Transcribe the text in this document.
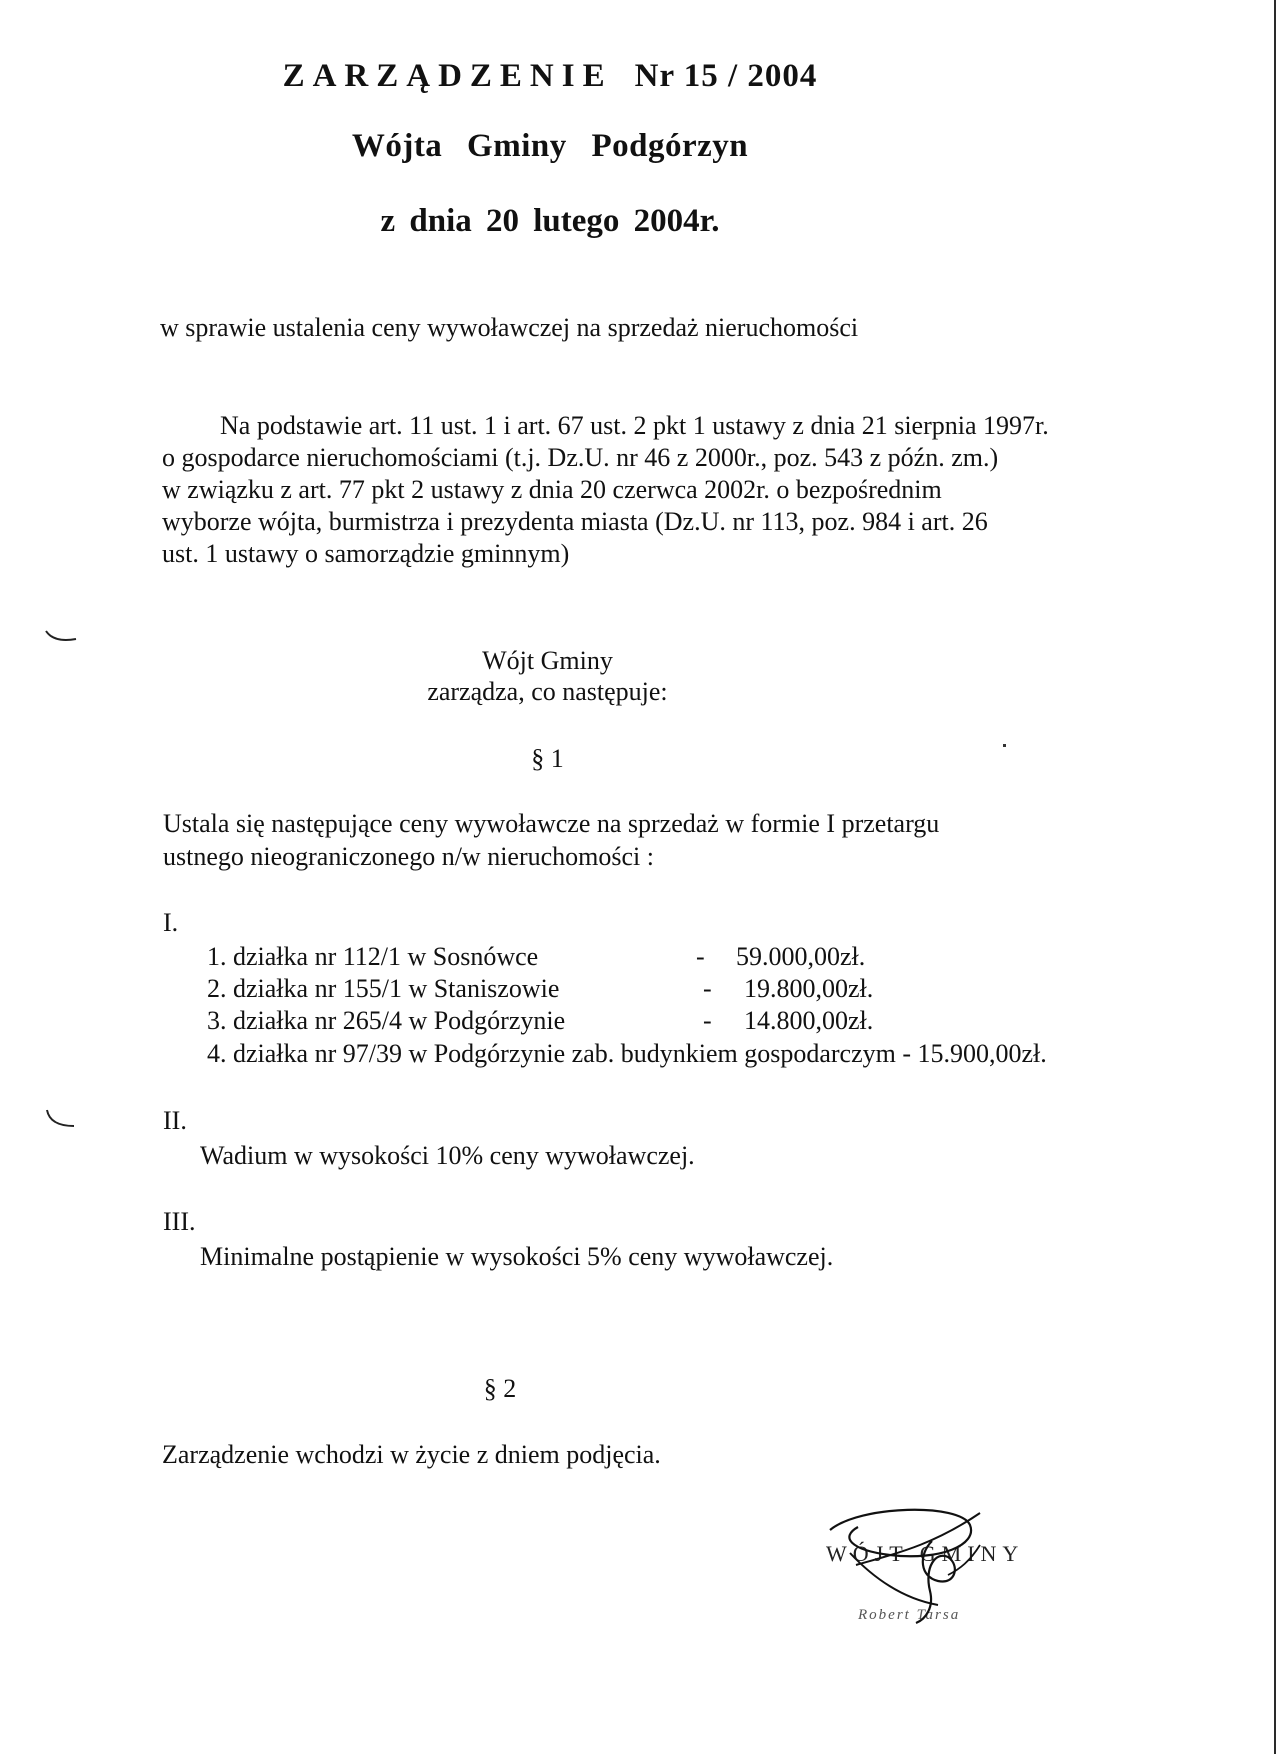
ZARZĄDZENIE Nr 15 / 2004
Wójta Gminy Podgórzyn
z dnia 20 lutego 2004r.
w sprawie ustalenia ceny wywoławczej na sprzedaż nieruchomości
Na podstawie art. 11 ust. 1 i art. 67 ust. 2 pkt 1 ustawy z dnia 21 sierpnia 1997r.
o gospodarce nieruchomościami (t.j. Dz.U. nr 46 z 2000r., poz. 543 z późn. zm.)
w związku z art. 77 pkt 2 ustawy z dnia 20 czerwca 2002r. o bezpośrednim
wyborze wójta, burmistrza i prezydenta miasta (Dz.U. nr 113, poz. 984 i art. 26
ust. 1 ustawy o samorządzie gminnym)
Wójt Gminy
zarządza, co następuje:
§ 1
Ustala się następujące ceny wywoławcze na sprzedaż w formie I przetargu
ustnego nieograniczonego n/w nieruchomości :
I.
1. działka nr 112/1 w Sosnówce	- 59.000,00zł.
2. działka nr 155/1 w Staniszowie	- 19.800,00zł.
3. działka nr 265/4 w Podgórzynie	- 14.800,00zł.
4. działka nr 97/39 w Podgórzynie zab. budynkiem gospodarczym - 15.900,00zł.
II.
Wadium w wysokości 10% ceny wywoławczej.
III.
Minimalne postąpienie w wysokości 5% ceny wywoławczej.
§ 2
Zarządzenie wchodzi w życie z dniem podjęcia.
WÓJT GMINY
Robert Tarsa
